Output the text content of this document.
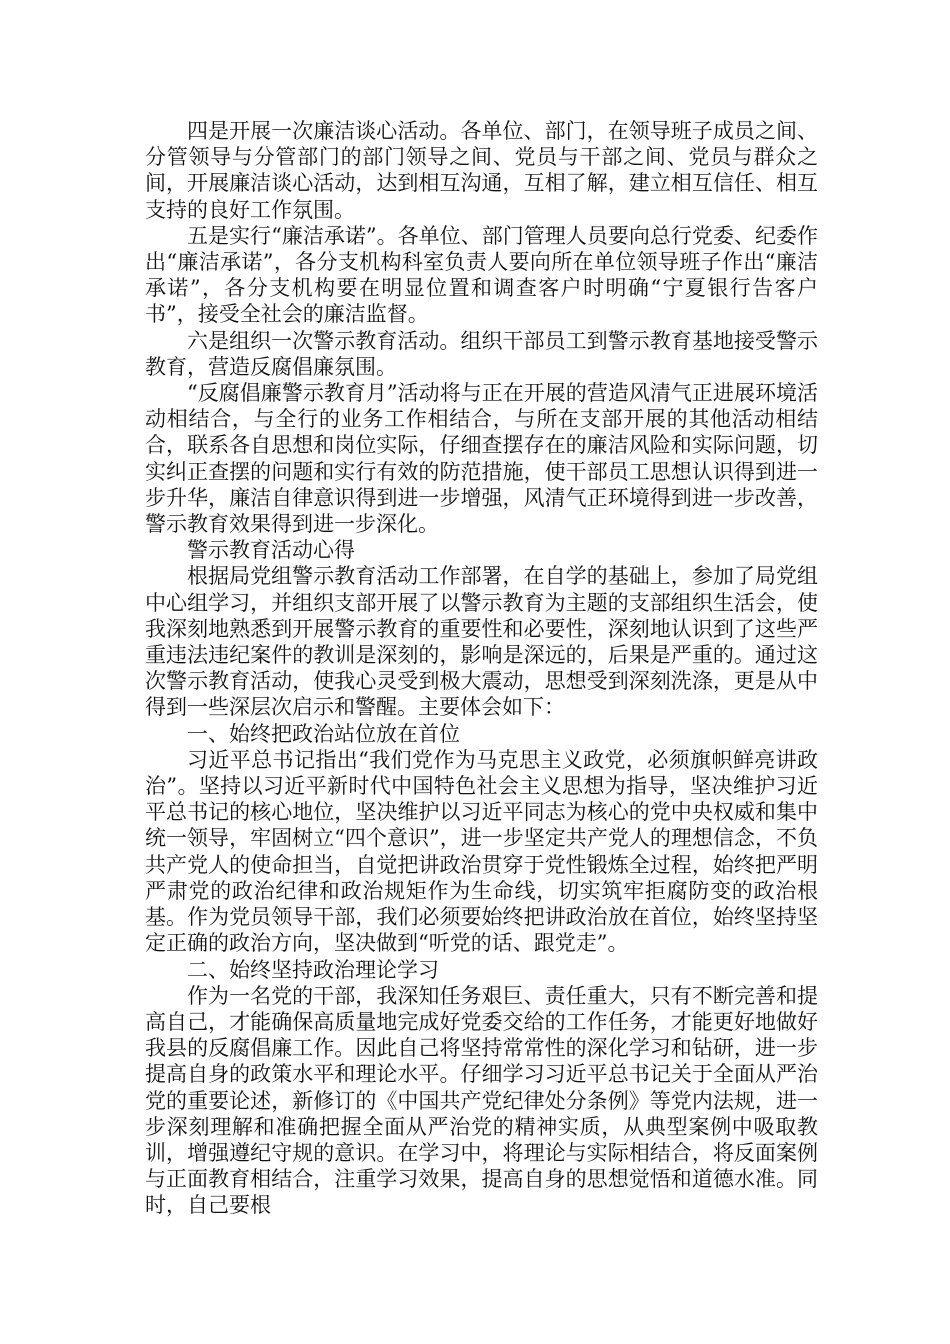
四是开展一次廉洁谈心活动。各单位、部门，在领导班子成员之间、分管领导与分管部门的部门领导之间、党员与干部之间、党员与群众之间，开展廉洁谈心活动，达到相互沟通，互相了解，建立相互信任、相互支持的良好工作氛围。

五是实行“廉洁承诺”。各单位、部门管理人员要向总行党委、纪委作出“廉洁承诺”，各分支机构科室负责人要向所在单位领导班子作出“廉洁承诺”，各分支机构要在明显位置和调查客户时明确“宁夏银行告客户书”，接受全社会的廉洁监督。

六是组织一次警示教育活动。组织干部员工到警示教育基地接受警示教育，营造反腐倡廉氛围。

“反腐倡廉警示教育月”活动将与正在开展的营造风清气正进展环境活动相结合，与全行的业务工作相结合，与所在支部开展的其他活动相结合，联系各自思想和岗位实际，仔细查摆存在的廉洁风险和实际问题，切实纠正查摆的问题和实行有效的防范措施，使干部员工思想认识得到进一步升华，廉洁自律意识得到进一步增强，风清气正环境得到进一步改善，警示教育效果得到进一步深化。

警示教育活动心得

根据局党组警示教育活动工作部署，在自学的基础上，参加了局党组中心组学习，并组织支部开展了以警示教育为主题的支部组织生活会，使我深刻地熟悉到开展警示教育的重要性和必要性，深刻地认识到了这些严重违法违纪案件的教训是深刻的，影响是深远的，后果是严重的。通过这次警示教育活动，使我心灵受到极大震动，思想受到深刻洗涤，更是从中得到一些深层次启示和警醒。主要体会如下：

一、始终把政治站位放在首位

习近平总书记指出“我们党作为马克思主义政党，必须旗帜鲜亮讲政治”。坚持以习近平新时代中国特色社会主义思想为指导，坚决维护习近平总书记的核心地位，坚决维护以习近平同志为核心的党中央权威和集中统一领导，牢固树立“四个意识”，进一步坚定共产党人的理想信念，不负共产党人的使命担当，自觉把讲政治贯穿于党性锻炼全过程，始终把严明严肃党的政治纪律和政治规矩作为生命线，切实筑牢拒腐防变的政治根基。作为党员领导干部，我们必须要始终把讲政治放在首位，始终坚持坚定正确的政治方向，坚决做到“听党的话、跟党走”。

二、始终坚持政治理论学习

作为一名党的干部，我深知任务艰巨、责任重大，只有不断完善和提高自己，才能确保高质量地完成好党委交给的工作任务，才能更好地做好我县的反腐倡廉工作。因此自己将坚持常常性的深化学习和钻研，进一步提高自身的政策水平和理论水平。仔细学习习近平总书记关于全面从严治党的重要论述，新修订的《中国共产党纪律处分条例》等党内法规，进一步深刻理解和准确把握全面从严治党的精神实质，从典型案例中吸取教训，增强遵纪守规的意识。在学习中，将理论与实际相结合，将反面案例与正面教育相结合，注重学习效果，提高自身的思想觉悟和道德水准。同时，自己要根
